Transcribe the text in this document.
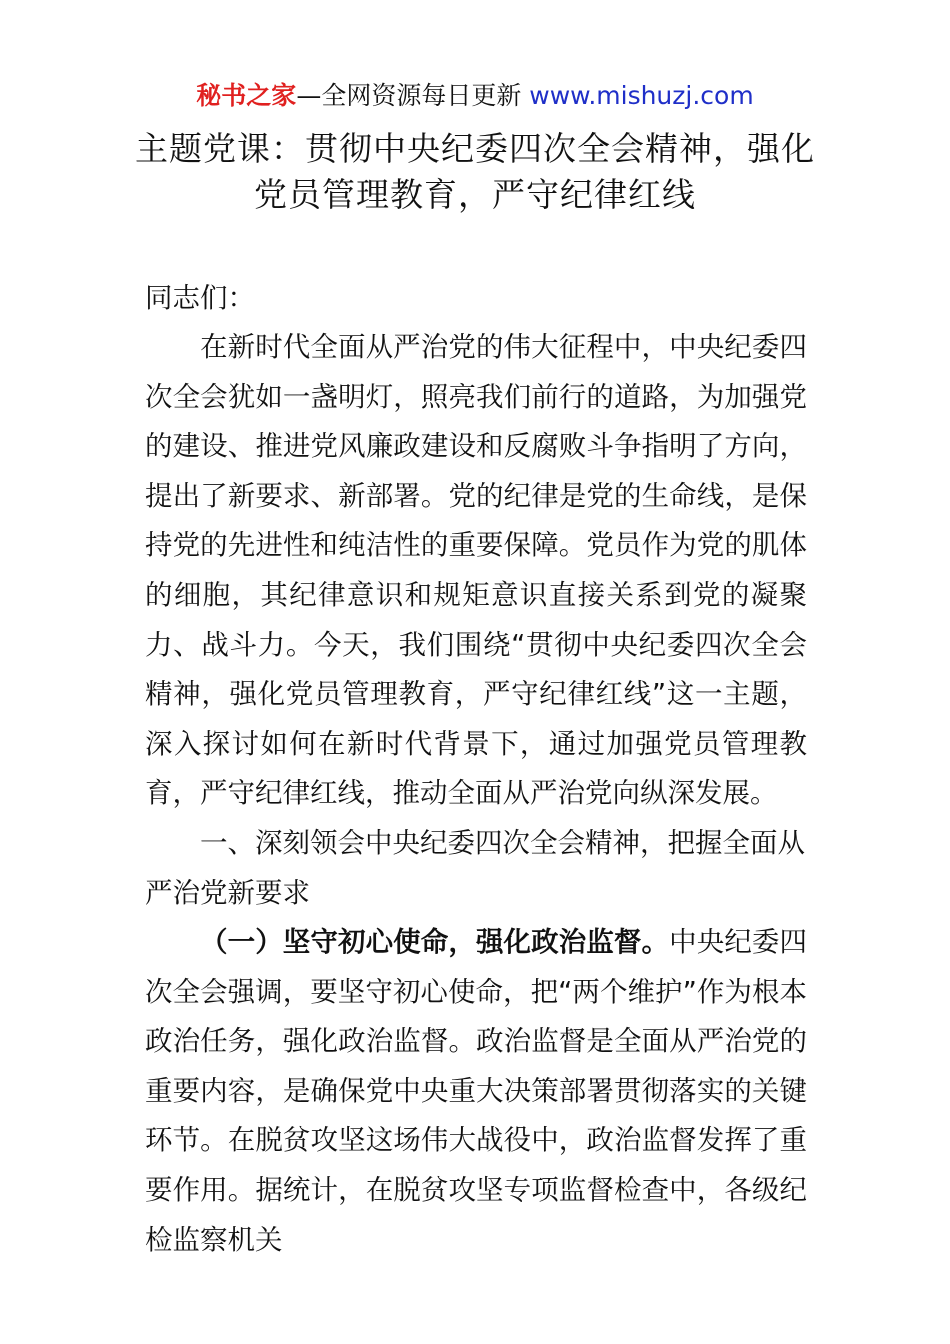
秘书之家—全网资源每日更新 www.mishuzj.com
主题党课：贯彻中央纪委四次全会精神，强化
党员管理教育，严守纪律红线
同志们：
在新时代全面从严治党的伟大征程中，中央纪委四次全会犹如一盏明灯，照亮我们前行的道路，为加强党的建设、推进党风廉政建设和反腐败斗争指明了方向，提出了新要求、新部署。党的纪律是党的生命线，是保持党的先进性和纯洁性的重要保障。党员作为党的肌体的细胞，其纪律意识和规矩意识直接关系到党的凝聚力、战斗力。今天，我们围绕“贯彻中央纪委四次全会精神，强化党员管理教育，严守纪律红线”这一主题，深入探讨如何在新时代背景下，通过加强党员管理教育，严守纪律红线，推动全面从严治党向纵深发展。
一、深刻领会中央纪委四次全会精神，把握全面从严治党新要求
（一）坚守初心使命，强化政治监督。中央纪委四次全会强调，要坚守初心使命，把“两个维护”作为根本政治任务，强化政治监督。政治监督是全面从严治党的重要内容，是确保党中央重大决策部署贯彻落实的关键环节。在脱贫攻坚这场伟大战役中，政治监督发挥了重要作用。据统计，在脱贫攻坚专项监督检查中，各级纪检监察机关
